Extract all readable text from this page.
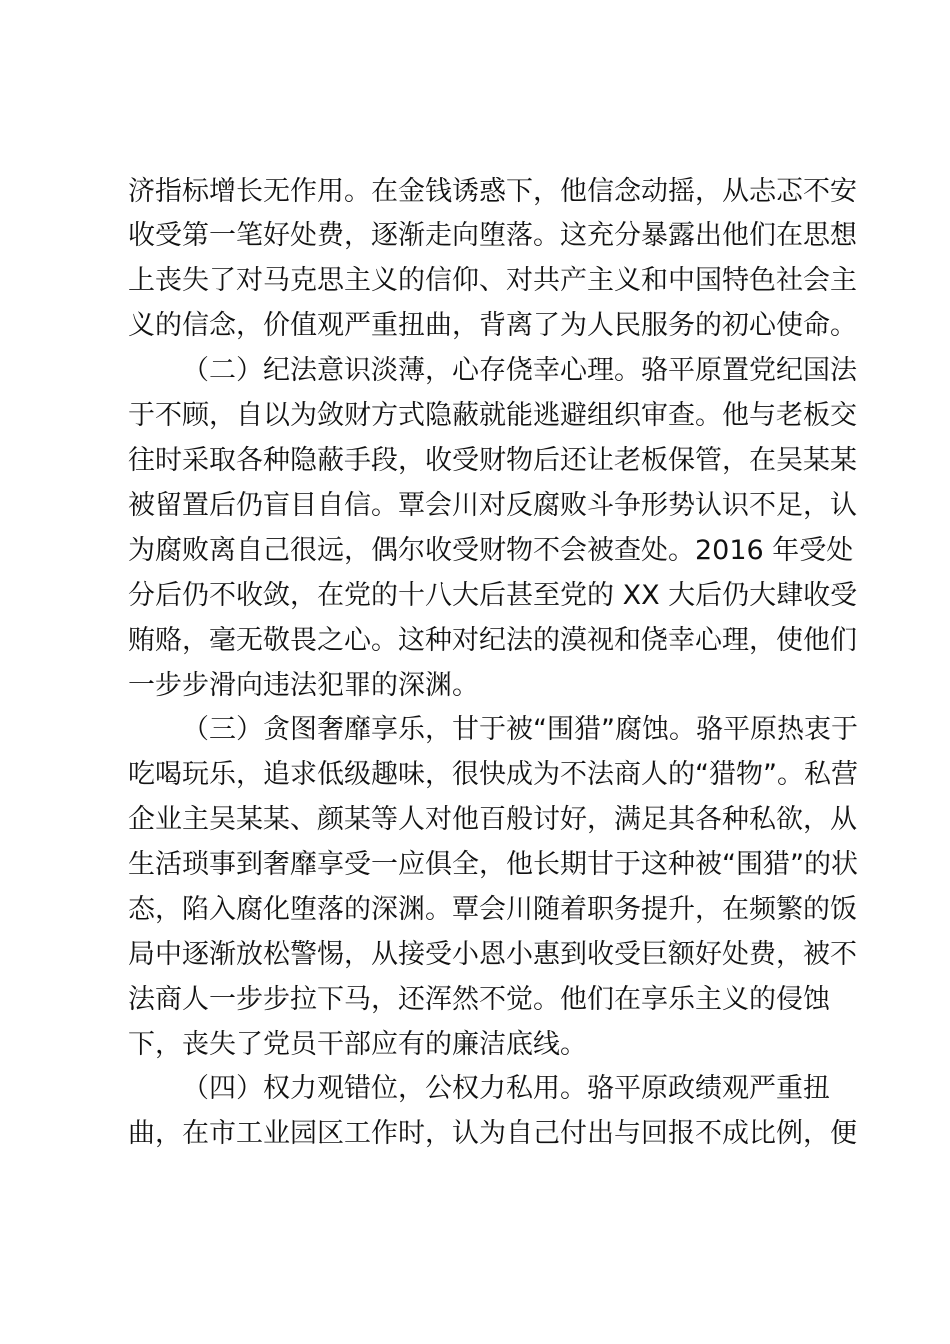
济指标增长无作用。在金钱诱惑下，他信念动摇，从忐忑不安

收受第一笔好处费，逐渐走向堕落。这充分暴露出他们在思想

上丧失了对马克思主义的信仰、对共产主义和中国特色社会主

义的信念，价值观严重扭曲，背离了为人民服务的初心使命。

（二）纪法意识淡薄，心存侥幸心理。骆平原置党纪国法

于不顾，自以为敛财方式隐蔽就能逃避组织审查。他与老板交

往时采取各种隐蔽手段，收受财物后还让老板保管，在吴某某

被留置后仍盲目自信。覃会川对反腐败斗争形势认识不足，认

为腐败离自己很远，偶尔收受财物不会被查处。2016 年受处

分后仍不收敛，在党的十八大后甚至党的 XX 大后仍大肆收受

贿赂，毫无敬畏之心。这种对纪法的漠视和侥幸心理，使他们

一步步滑向违法犯罪的深渊。

（三）贪图奢靡享乐，甘于被“围猎”腐蚀。骆平原热衷于

吃喝玩乐，追求低级趣味，很快成为不法商人的“猎物”。私营

企业主吴某某、颜某等人对他百般讨好，满足其各种私欲，从

生活琐事到奢靡享受一应俱全，他长期甘于这种被“围猎”的状

态，陷入腐化堕落的深渊。覃会川随着职务提升，在频繁的饭

局中逐渐放松警惕，从接受小恩小惠到收受巨额好处费，被不

法商人一步步拉下马，还浑然不觉。他们在享乐主义的侵蚀

下，丧失了党员干部应有的廉洁底线。

（四）权力观错位，公权力私用。骆平原政绩观严重扭

曲，在市工业园区工作时，认为自己付出与回报不成比例，便
